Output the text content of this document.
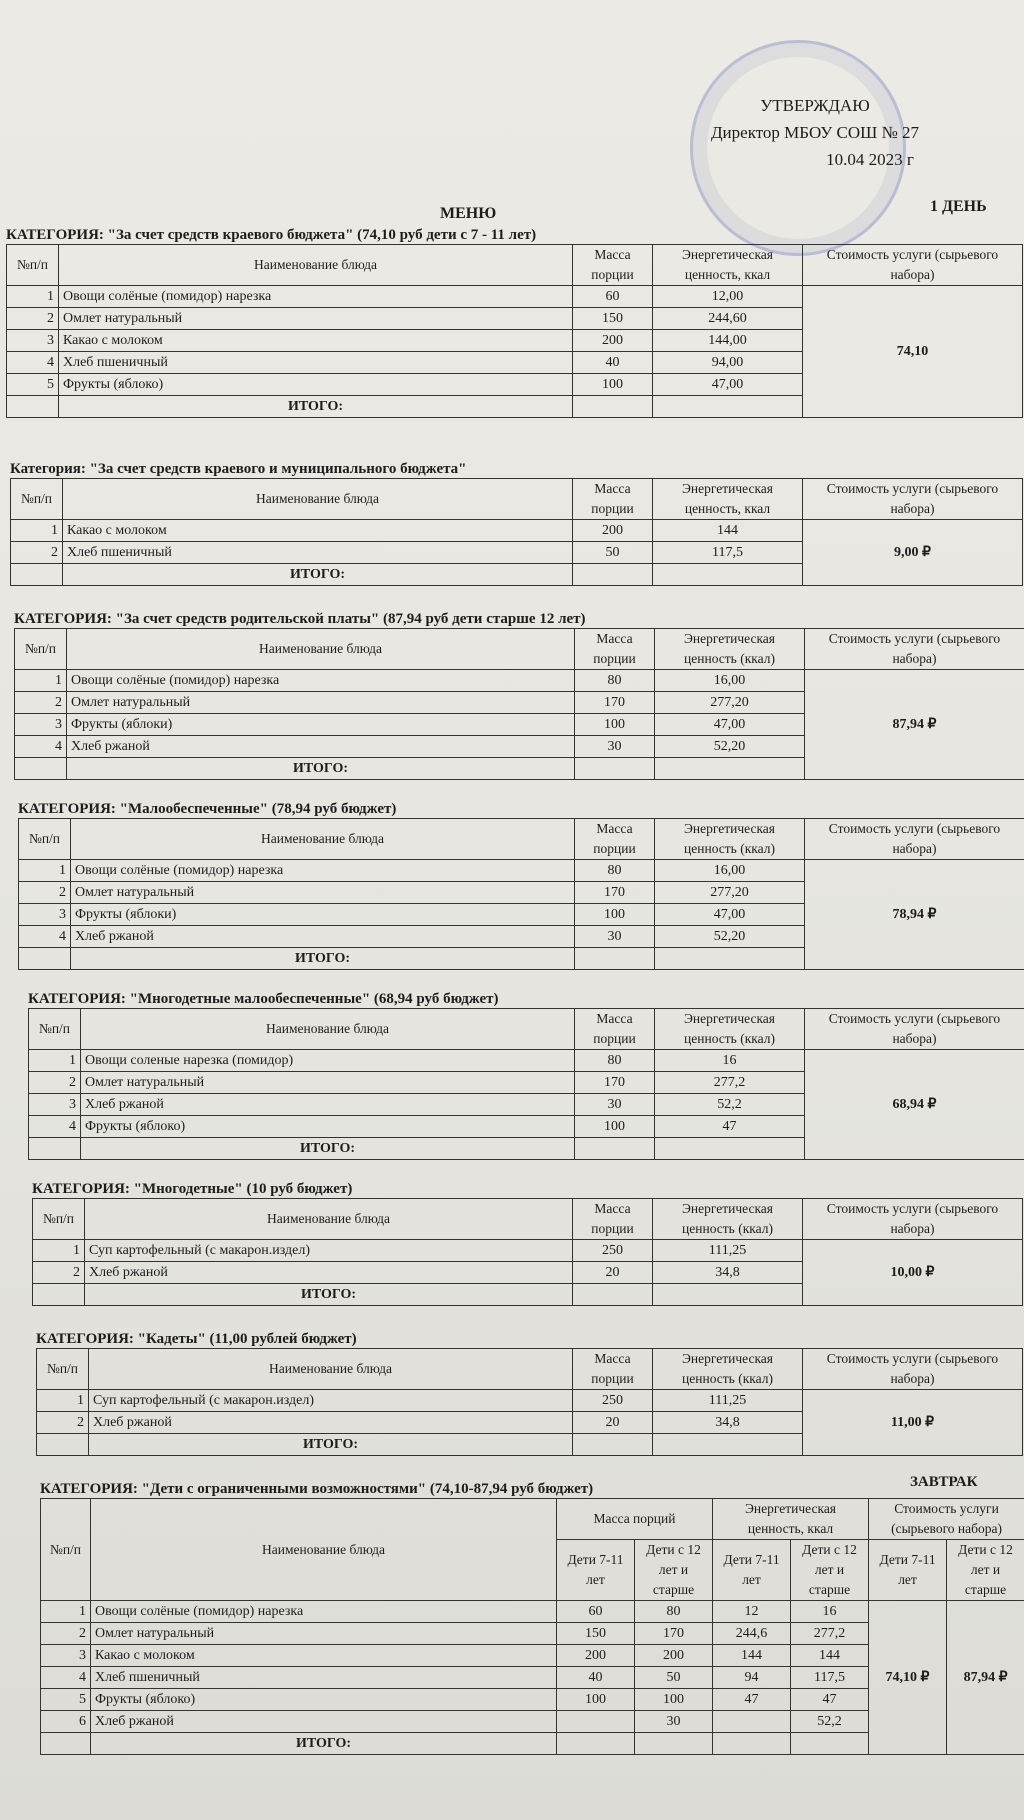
УТВЕРЖДАЮ
Директор МБОУ СОШ № 27
10.04 2023 г
МЕНЮ	1 ДЕНЬ
ЗАВТРАК
КАТЕГОРИЯ: "За счет средств краевого бюджета" (74,10 руб дети с 7 - 11 лет)
№п/п	Наименование блюда	Масса порции	Энергетическая ценность, ккал	Стоимость услуги (сырьевого набора)
1	Овощи солёные (помидор) нарезка	60	12,00	74,10
2	Омлет натуральный	150	244,60	
3	Какао с молоком	200	144,00	
4	Хлеб пшеничный	40	94,00	
5	Фрукты (яблоко)	100	47,00	
	ИТОГО:			
Категория: "За счет средств краевого и муниципального бюджета"
№п/п	Наименование блюда	Масса порции	Энергетическая ценность, ккал	Стоимость услуги (сырьевого набора)
1	Какао с молоком	200	144	9,00 ₽
2	Хлеб пшеничный	50	117,5	
	ИТОГО:			
КАТЕГОРИЯ: "За счет средств родительской платы" (87,94 руб дети старше 12 лет)
№п/п	Наименование блюда	Масса порции	Энергетическая ценность (ккал)	Стоимость услуги (сырьевого набора)
1	Овощи солёные (помидор) нарезка	80	16,00	87,94 ₽
2	Омлет натуральный	170	277,20	
3	Фрукты (яблоки)	100	47,00	
4	Хлеб ржаной	30	52,20	
	ИТОГО:			
КАТЕГОРИЯ: "Малообеспеченные" (78,94 руб бюджет)
№п/п	Наименование блюда	Масса порции	Энергетическая ценность (ккал)	Стоимость услуги (сырьевого набора)
1	Овощи солёные (помидор) нарезка	80	16,00	78,94 ₽
2	Омлет натуральный	170	277,20	
3	Фрукты (яблоки)	100	47,00	
4	Хлеб ржаной	30	52,20	
	ИТОГО:			
КАТЕГОРИЯ: "Многодетные малообеспеченные" (68,94 руб бюджет)
№п/п	Наименование блюда	Масса порции	Энергетическая ценность (ккал)	Стоимость услуги (сырьевого набора)
1	Овощи соленые нарезка (помидор)	80	16	68,94 ₽
2	Омлет натуральный	170	277,2	
3	Хлеб ржаной	30	52,2	
4	Фрукты (яблоко)	100	47	
	ИТОГО:			
КАТЕГОРИЯ: "Многодетные" (10 руб бюджет)
№п/п	Наименование блюда	Масса порции	Энергетическая ценность (ккал)	Стоимость услуги (сырьевого набора)
1	Суп картофельный (с макарон.издел)	250	111,25	10,00 ₽
2	Хлеб ржаной	20	34,8	
	ИТОГО:			
КАТЕГОРИЯ: "Кадеты" (11,00 рублей бюджет)
№п/п	Наименование блюда	Масса порции	Энергетическая ценность (ккал)	Стоимость услуги (сырьевого набора)
1	Суп картофельный (с макарон.издел)	250	111,25	11,00 ₽
2	Хлеб ржаной	20	34,8	
	ИТОГО:			
КАТЕГОРИЯ: "Дети с ограниченными возможностями" (74,10-87,94 руб бюджет)
№п/п	Наименование блюда	Масса порций		Энергетическая ценность, ккал		Стоимость услуги (сырьевого набора)	
		Дети 7-11 лет	Дети с 12 лет и старше	Дети 7-11 лет	Дети с 12 лет и старше	Дети 7-11 лет	Дети с 12 лет и старше
1	Овощи солёные (помидор) нарезка	60	80	12	16	74,10 ₽	87,94 ₽
2	Омлет натуральный	150	170	244,6	277,2		
3	Какао с молоком	200	200	144	144		
4	Хлеб пшеничный	40	50	94	117,5		
5	Фрукты (яблоко)	100	100	47	47		
6	Хлеб ржаной		30		52,2		
	ИТОГО:						
